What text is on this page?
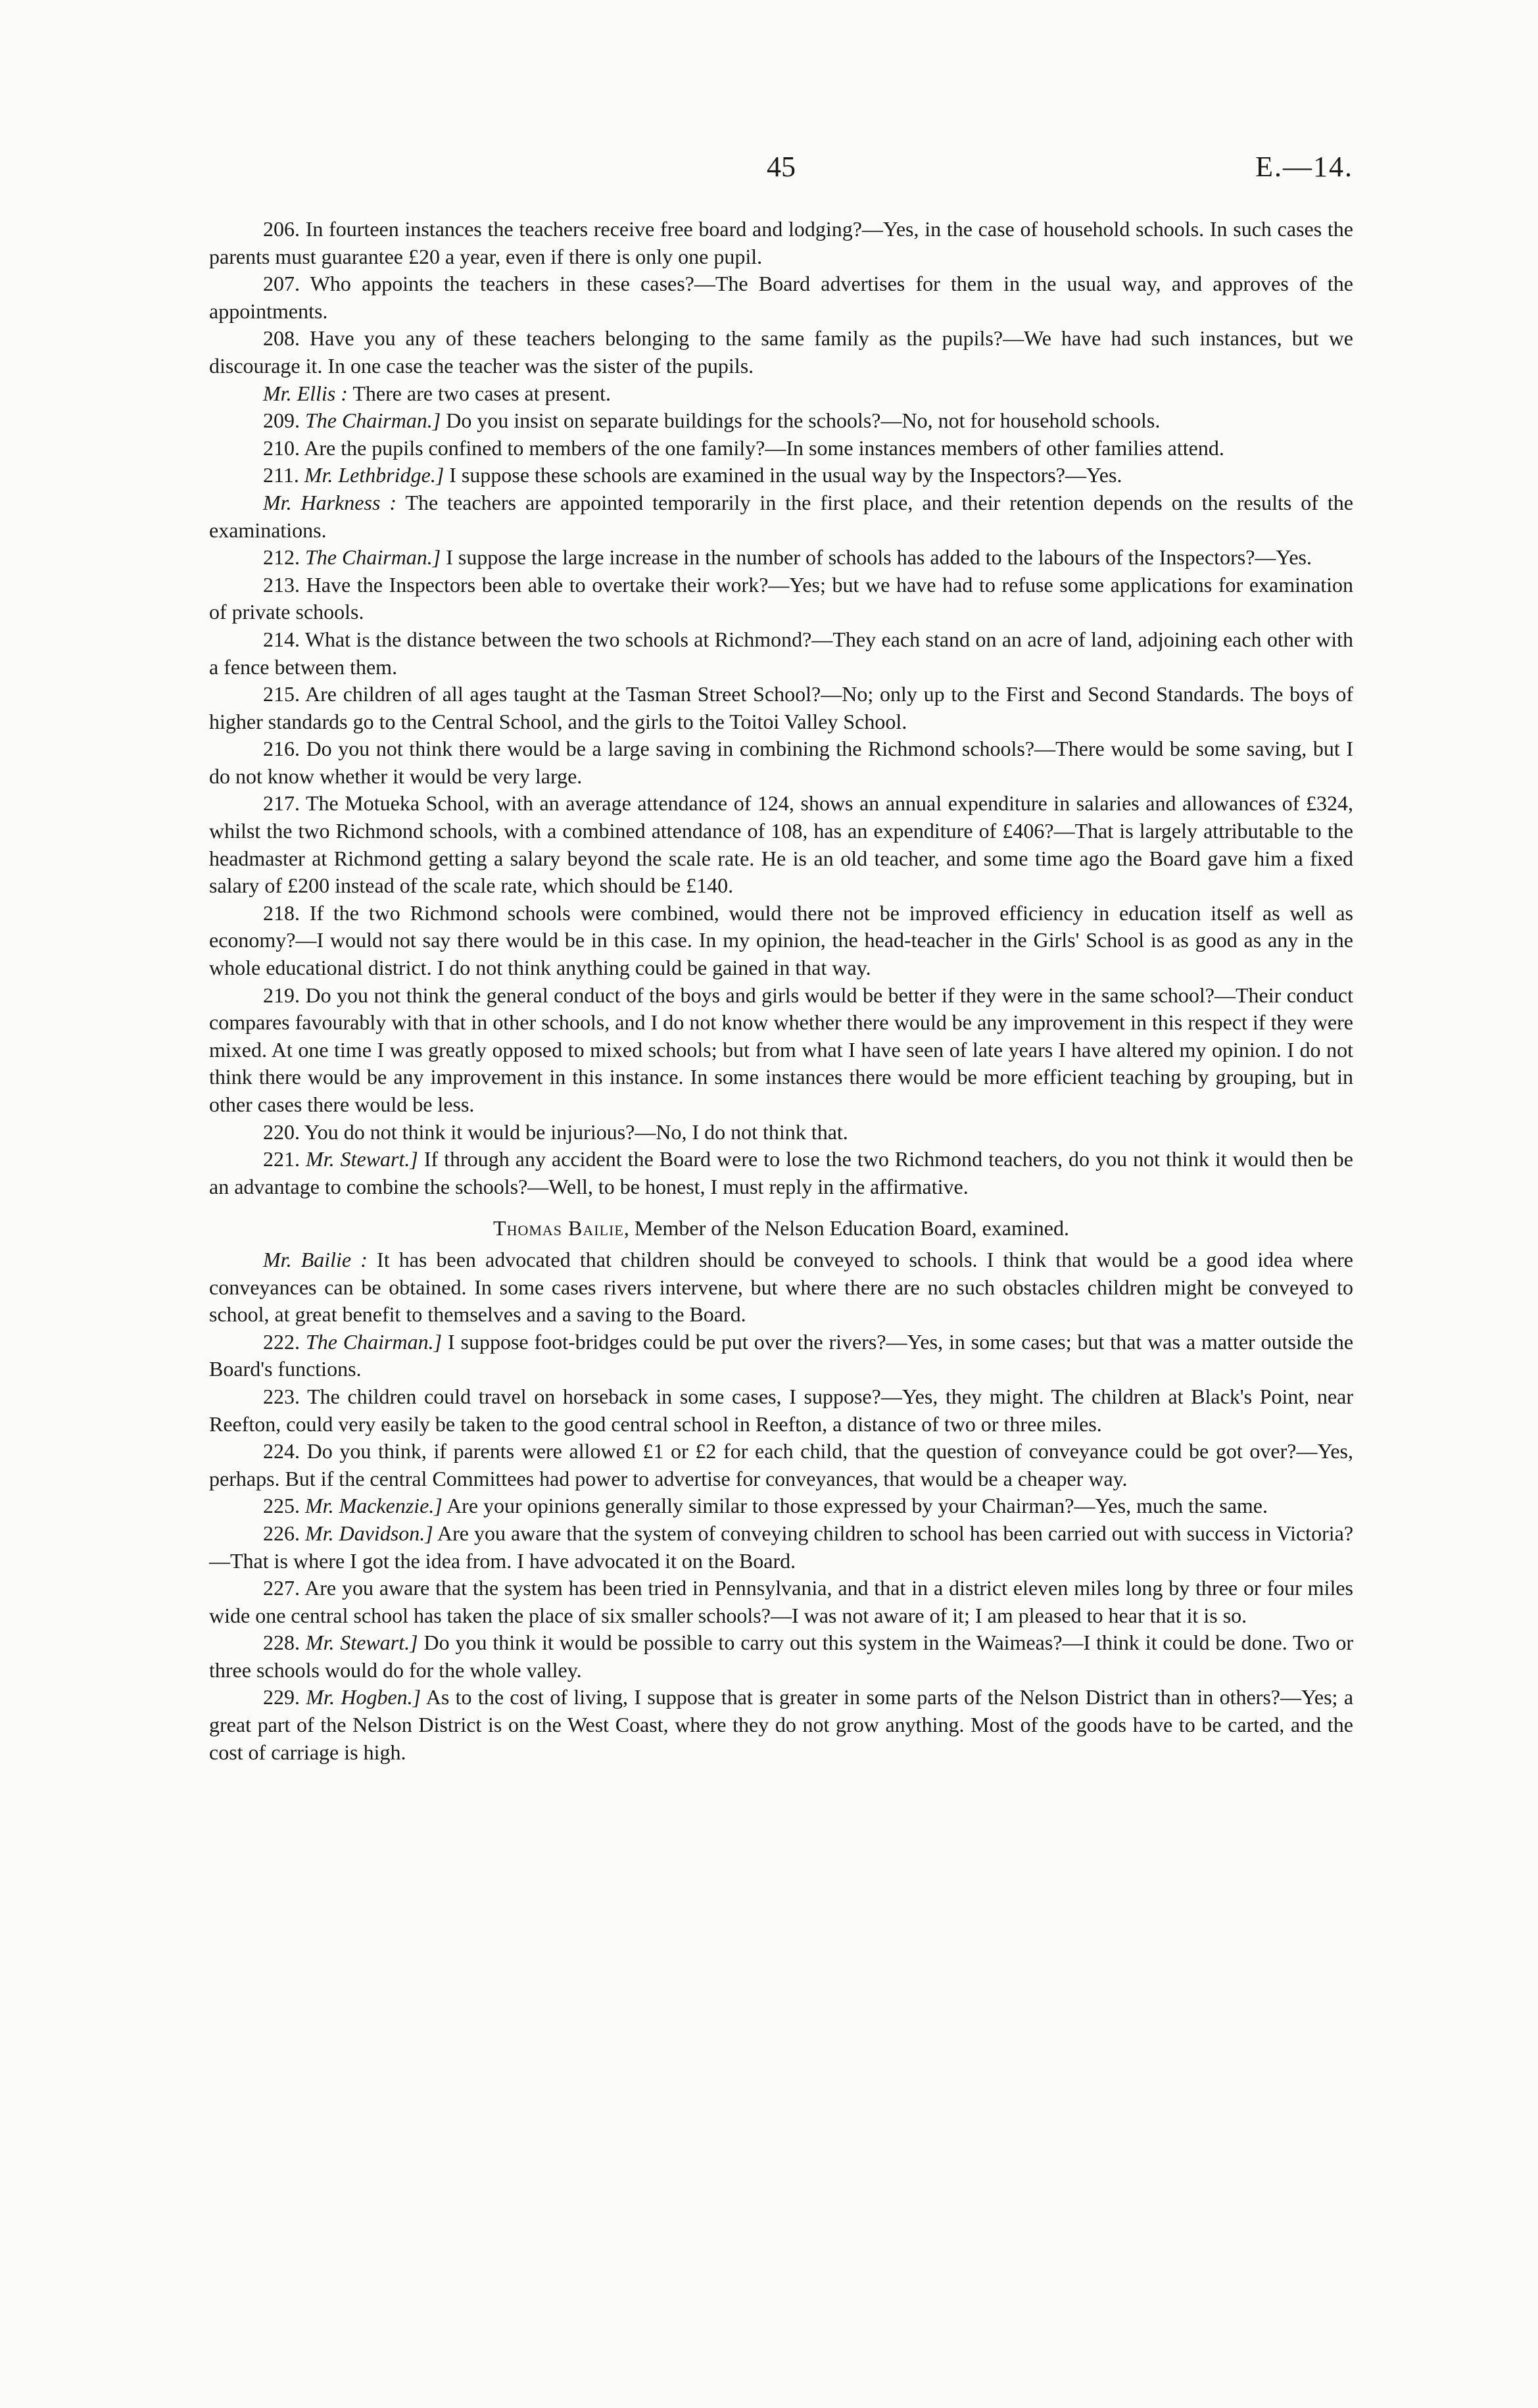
45	E.—14.

206. In fourteen instances the teachers receive free board and lodging?—Yes, in the case of household schools. In such cases the parents must guarantee £20 a year, even if there is only one pupil.

207. Who appoints the teachers in these cases?—The Board advertises for them in the usual way, and approves of the appointments.

208. Have you any of these teachers belonging to the same family as the pupils?—We have had such instances, but we discourage it. In one case the teacher was the sister of the pupils.

Mr. Ellis : There are two cases at present.

209. The Chairman.] Do you insist on separate buildings for the schools?—No, not for household schools.

210. Are the pupils confined to members of the one family?—In some instances members of other families attend.

211. Mr. Lethbridge.] I suppose these schools are examined in the usual way by the Inspectors?—Yes.

Mr. Harkness : The teachers are appointed temporarily in the first place, and their retention depends on the results of the examinations.

212. The Chairman.] I suppose the large increase in the number of schools has added to the labours of the Inspectors?—Yes.

213. Have the Inspectors been able to overtake their work?—Yes; but we have had to refuse some applications for examination of private schools.

214. What is the distance between the two schools at Richmond?—They each stand on an acre of land, adjoining each other with a fence between them.

215. Are children of all ages taught at the Tasman Street School?—No; only up to the First and Second Standards. The boys of higher standards go to the Central School, and the girls to the Toitoi Valley School.

216. Do you not think there would be a large saving in combining the Richmond schools?—There would be some saving, but I do not know whether it would be very large.

217. The Motueka School, with an average attendance of 124, shows an annual expenditure in salaries and allowances of £324, whilst the two Richmond schools, with a combined attendance of 108, has an expenditure of £406?—That is largely attributable to the headmaster at Richmond getting a salary beyond the scale rate. He is an old teacher, and some time ago the Board gave him a fixed salary of £200 instead of the scale rate, which should be £140.

218. If the two Richmond schools were combined, would there not be improved efficiency in education itself as well as economy?—I would not say there would be in this case. In my opinion, the head-teacher in the Girls' School is as good as any in the whole educational district. I do not think anything could be gained in that way.

219. Do you not think the general conduct of the boys and girls would be better if they were in the same school?—Their conduct compares favourably with that in other schools, and I do not know whether there would be any improvement in this respect if they were mixed. At one time I was greatly opposed to mixed schools; but from what I have seen of late years I have altered my opinion. I do not think there would be any improvement in this instance. In some instances there would be more efficient teaching by grouping, but in other cases there would be less.

220. You do not think it would be injurious?—No, I do not think that.

221. Mr. Stewart.] If through any accident the Board were to lose the two Richmond teachers, do you not think it would then be an advantage to combine the schools?—Well, to be honest, I must reply in the affirmative.

Thomas Bailie, Member of the Nelson Education Board, examined.

Mr. Bailie : It has been advocated that children should be conveyed to schools. I think that would be a good idea where conveyances can be obtained. In some cases rivers intervene, but where there are no such obstacles children might be conveyed to school, at great benefit to themselves and a saving to the Board.

222. The Chairman.] I suppose foot-bridges could be put over the rivers?—Yes, in some cases; but that was a matter outside the Board's functions.

223. The children could travel on horseback in some cases, I suppose?—Yes, they might. The children at Black's Point, near Reefton, could very easily be taken to the good central school in Reefton, a distance of two or three miles.

224. Do you think, if parents were allowed £1 or £2 for each child, that the question of conveyance could be got over?—Yes, perhaps. But if the central Committees had power to advertise for conveyances, that would be a cheaper way.

225. Mr. Mackenzie.] Are your opinions generally similar to those expressed by your Chairman?—Yes, much the same.

226. Mr. Davidson.] Are you aware that the system of conveying children to school has been carried out with success in Victoria?—That is where I got the idea from. I have advocated it on the Board.

227. Are you aware that the system has been tried in Pennsylvania, and that in a district eleven miles long by three or four miles wide one central school has taken the place of six smaller schools?—I was not aware of it; I am pleased to hear that it is so.

228. Mr. Stewart.] Do you think it would be possible to carry out this system in the Waimeas?—I think it could be done. Two or three schools would do for the whole valley.

229. Mr. Hogben.] As to the cost of living, I suppose that is greater in some parts of the Nelson District than in others?—Yes; a great part of the Nelson District is on the West Coast, where they do not grow anything. Most of the goods have to be carted, and the cost of carriage is high.
